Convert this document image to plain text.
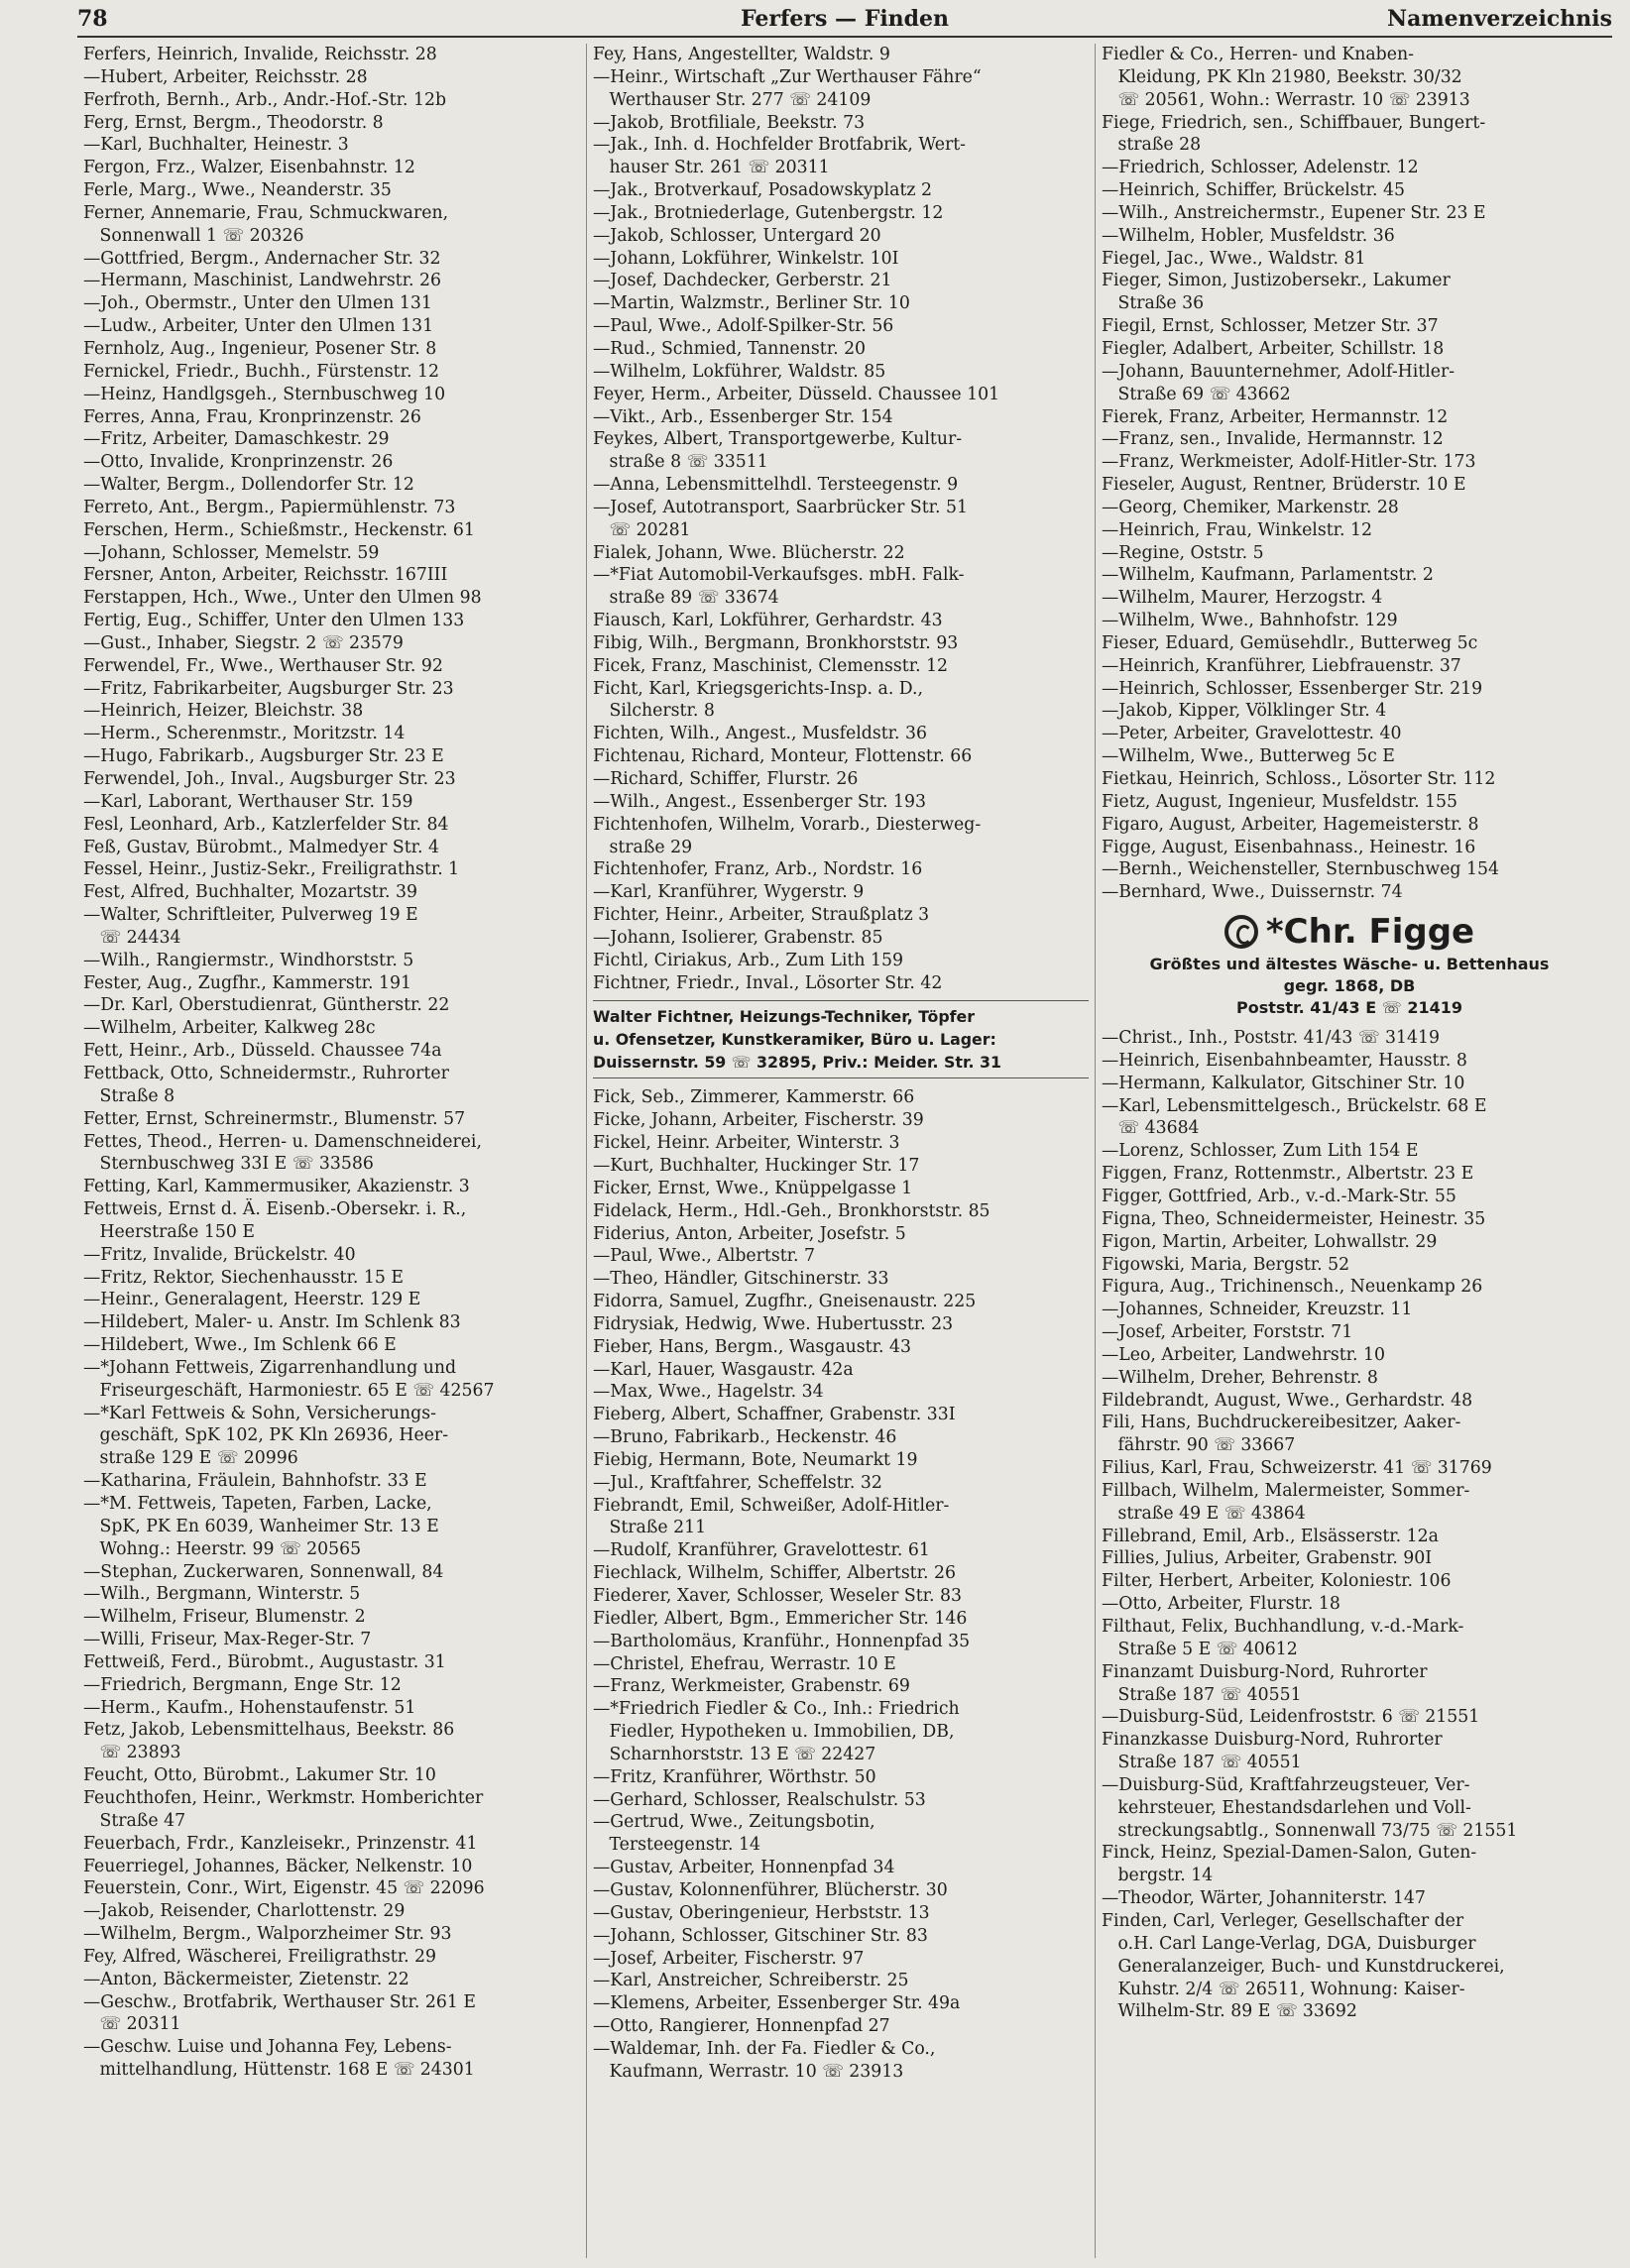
78	Ferfers — Finden	Namenverzeichnis

Ferfers, Heinrich, Invalide, Reichsstr. 28

—Hubert, Arbeiter, Reichsstr. 28

Ferfroth, Bernh., Arb., Andr.-Hof.-Str. 12b

Ferg, Ernst, Bergm., Theodorstr. 8

—Karl, Buchhalter, Heinestr. 3

Fergon, Frz., Walzer, Eisenbahnstr. 12

Ferle, Marg., Wwe., Neanderstr. 35

Ferner, Annemarie, Frau, Schmuckwaren,

Sonnenwall 1 ☏ 20326

—Gottfried, Bergm., Andernacher Str. 32

—Hermann, Maschinist, Landwehrstr. 26

—Joh., Obermstr., Unter den Ulmen 131

—Ludw., Arbeiter, Unter den Ulmen 131

Fernholz, Aug., Ingenieur, Posener Str. 8

Fernickel, Friedr., Buchh., Fürstenstr. 12

—Heinz, Handlgsgeh., Sternbuschweg 10

Ferres, Anna, Frau, Kronprinzenstr. 26

—Fritz, Arbeiter, Damaschkestr. 29

—Otto, Invalide, Kronprinzenstr. 26

—Walter, Bergm., Dollendorfer Str. 12

Ferreto, Ant., Bergm., Papiermühlenstr. 73

Ferschen, Herm., Schießmstr., Heckenstr. 61

—Johann, Schlosser, Memelstr. 59

Fersner, Anton, Arbeiter, Reichsstr. 167III

Ferstappen, Hch., Wwe., Unter den Ulmen 98

Fertig, Eug., Schiffer, Unter den Ulmen 133

—Gust., Inhaber, Siegstr. 2 ☏ 23579

Ferwendel, Fr., Wwe., Werthauser Str. 92

—Fritz, Fabrikarbeiter, Augsburger Str. 23

—Heinrich, Heizer, Bleichstr. 38

—Herm., Scherenmstr., Moritzstr. 14

—Hugo, Fabrikarb., Augsburger Str. 23 E

Ferwendel, Joh., Inval., Augsburger Str. 23

—Karl, Laborant, Werthauser Str. 159

Fesl, Leonhard, Arb., Katzlerfelder Str. 84

Feß, Gustav, Bürobmt., Malmedyer Str. 4

Fessel, Heinr., Justiz-Sekr., Freiligrathstr. 1

Fest, Alfred, Buchhalter, Mozartstr. 39

—Walter, Schriftleiter, Pulverweg 19 E

☏ 24434

—Wilh., Rangiermstr., Windhorststr. 5

Fester, Aug., Zugfhr., Kammerstr. 191

—Dr. Karl, Oberstudienrat, Güntherstr. 22

—Wilhelm, Arbeiter, Kalkweg 28c

Fett, Heinr., Arb., Düsseld. Chaussee 74a

Fettback, Otto, Schneidermstr., Ruhrorter

Straße 8

Fetter, Ernst, Schreinermstr., Blumenstr. 57

Fettes, Theod., Herren- u. Damenschneiderei,

Sternbuschweg 33I E ☏ 33586

Fetting, Karl, Kammermusiker, Akazienstr. 3

Fettweis, Ernst d. Ä. Eisenb.-Obersekr. i. R.,

Heerstraße 150 E

—Fritz, Invalide, Brückelstr. 40

—Fritz, Rektor, Siechenhausstr. 15 E

—Heinr., Generalagent, Heerstr. 129 E

—Hildebert, Maler- u. Anstr. Im Schlenk 83

—Hildebert, Wwe., Im Schlenk 66 E

—*Johann Fettweis, Zigarrenhandlung und

Friseurgeschäft, Harmoniestr. 65 E ☏ 42567

—*Karl Fettweis & Sohn, Versicherungs-

geschäft, SpK 102, PK Kln 26936, Heer-

straße 129 E ☏ 20996

—Katharina, Fräulein, Bahnhofstr. 33 E

—*M. Fettweis, Tapeten, Farben, Lacke,

SpK, PK En 6039, Wanheimer Str. 13 E

Wohng.: Heerstr. 99 ☏ 20565

—Stephan, Zuckerwaren, Sonnenwall, 84

—Wilh., Bergmann, Winterstr. 5

—Wilhelm, Friseur, Blumenstr. 2

—Willi, Friseur, Max-Reger-Str. 7

Fettweiß, Ferd., Bürobmt., Augustastr. 31

—Friedrich, Bergmann, Enge Str. 12

—Herm., Kaufm., Hohenstaufenstr. 51

Fetz, Jakob, Lebensmittelhaus, Beekstr. 86

☏ 23893

Feucht, Otto, Bürobmt., Lakumer Str. 10

Feuchthofen, Heinr., Werkmstr. Homberichter

Straße 47

Feuerbach, Frdr., Kanzleisekr., Prinzenstr. 41

Feuerriegel, Johannes, Bäcker, Nelkenstr. 10

Feuerstein, Conr., Wirt, Eigenstr. 45 ☏ 22096

—Jakob, Reisender, Charlottenstr. 29

—Wilhelm, Bergm., Walporzheimer Str. 93

Fey, Alfred, Wäscherei, Freiligrathstr. 29

—Anton, Bäckermeister, Zietenstr. 22

—Geschw., Brotfabrik, Werthauser Str. 261 E

☏ 20311

—Geschw. Luise und Johanna Fey, Lebens-

mittelhandlung, Hüttenstr. 168 E ☏ 24301

Fey, Hans, Angestellter, Waldstr. 9

—Heinr., Wirtschaft „Zur Werthauser Fähre“

Werthauser Str. 277 ☏ 24109

—Jakob, Brotfiliale, Beekstr. 73

—Jak., Inh. d. Hochfelder Brotfabrik, Wert-

hauser Str. 261 ☏ 20311

—Jak., Brotverkauf, Posadowskyplatz 2

—Jak., Brotniederlage, Gutenbergstr. 12

—Jakob, Schlosser, Untergard 20

—Johann, Lokführer, Winkelstr. 10I

—Josef, Dachdecker, Gerberstr. 21

—Martin, Walzmstr., Berliner Str. 10

—Paul, Wwe., Adolf-Spilker-Str. 56

—Rud., Schmied, Tannenstr. 20

—Wilhelm, Lokführer, Waldstr. 85

Feyer, Herm., Arbeiter, Düsseld. Chaussee 101

—Vikt., Arb., Essenberger Str. 154

Feykes, Albert, Transportgewerbe, Kultur-

straße 8 ☏ 33511

—Anna, Lebensmittelhdl. Tersteegenstr. 9

—Josef, Autotransport, Saarbrücker Str. 51

☏ 20281

Fialek, Johann, Wwe. Blücherstr. 22

—*Fiat Automobil-Verkaufsges. mbH. Falk-

straße 89 ☏ 33674

Fiausch, Karl, Lokführer, Gerhardstr. 43

Fibig, Wilh., Bergmann, Bronkhorststr. 93

Ficek, Franz, Maschinist, Clemensstr. 12

Ficht, Karl, Kriegsgerichts-Insp. a. D.,

Silcherstr. 8

Fichten, Wilh., Angest., Musfeldstr. 36

Fichtenau, Richard, Monteur, Flottenstr. 66

—Richard, Schiffer, Flurstr. 26

—Wilh., Angest., Essenberger Str. 193

Fichtenhofen, Wilhelm, Vorarb., Diesterweg-

straße 29

Fichtenhofer, Franz, Arb., Nordstr. 16

—Karl, Kranführer, Wygerstr. 9

Fichter, Heinr., Arbeiter, Straußplatz 3

—Johann, Isolierer, Grabenstr. 85

Fichtl, Ciriakus, Arb., Zum Lith 159

Fichtner, Friedr., Inval., Lösorter Str. 42

Walter Fichtner, Heizungs-Techniker, Töpfer
u. Ofensetzer, Kunstkeramiker, Büro u. Lager:
Duissernstr. 59 ☏ 32895, Priv.: Meider. Str. 31

Fick, Seb., Zimmerer, Kammerstr. 66

Ficke, Johann, Arbeiter, Fischerstr. 39

Fickel, Heinr. Arbeiter, Winterstr. 3

—Kurt, Buchhalter, Huckinger Str. 17

Ficker, Ernst, Wwe., Knüppelgasse 1

Fidelack, Herm., Hdl.-Geh., Bronkhorststr. 85

Fiderius, Anton, Arbeiter, Josefstr. 5

—Paul, Wwe., Albertstr. 7

—Theo, Händler, Gitschinerstr. 33

Fidorra, Samuel, Zugfhr., Gneisenaustr. 225

Fidrysiak, Hedwig, Wwe. Hubertusstr. 23

Fieber, Hans, Bergm., Wasgaustr. 43

—Karl, Hauer, Wasgaustr. 42a

—Max, Wwe., Hagelstr. 34

Fieberg, Albert, Schaffner, Grabenstr. 33I

—Bruno, Fabrikarb., Heckenstr. 46

Fiebig, Hermann, Bote, Neumarkt 19

—Jul., Kraftfahrer, Scheffelstr. 32

Fiebrandt, Emil, Schweißer, Adolf-Hitler-

Straße 211

—Rudolf, Kranführer, Gravelottestr. 61

Fiechlack, Wilhelm, Schiffer, Albertstr. 26

Fiederer, Xaver, Schlosser, Weseler Str. 83

Fiedler, Albert, Bgm., Emmericher Str. 146

—Bartholomäus, Kranführ., Honnenpfad 35

—Christel, Ehefrau, Werrastr. 10 E

—Franz, Werkmeister, Grabenstr. 69

—*Friedrich Fiedler & Co., Inh.: Friedrich

Fiedler, Hypotheken u. Immobilien, DB,

Scharnhorststr. 13 E ☏ 22427

—Fritz, Kranführer, Wörthstr. 50

—Gerhard, Schlosser, Realschulstr. 53

—Gertrud, Wwe., Zeitungsbotin,

Tersteegenstr. 14

—Gustav, Arbeiter, Honnenpfad 34

—Gustav, Kolonnenführer, Blücherstr. 30

—Gustav, Oberingenieur, Herbststr. 13

—Johann, Schlosser, Gitschiner Str. 83

—Josef, Arbeiter, Fischerstr. 97

—Karl, Anstreicher, Schreiberstr. 25

—Klemens, Arbeiter, Essenberger Str. 49a

—Otto, Rangierer, Honnenpfad 27

—Waldemar, Inh. der Fa. Fiedler & Co.,

Kaufmann, Werrastr. 10 ☏ 23913

Fiedler & Co., Herren- und Knaben-

Kleidung, PK Kln 21980, Beekstr. 30/32

☏ 20561, Wohn.: Werrastr. 10 ☏ 23913

Fiege, Friedrich, sen., Schiffbauer, Bungert-

straße 28

—Friedrich, Schlosser, Adelenstr. 12

—Heinrich, Schiffer, Brückelstr. 45

—Wilh., Anstreichermstr., Eupener Str. 23 E

—Wilhelm, Hobler, Musfeldstr. 36

Fiegel, Jac., Wwe., Waldstr. 81

Fieger, Simon, Justizobersekr., Lakumer

Straße 36

Fiegil, Ernst, Schlosser, Metzer Str. 37

Fiegler, Adalbert, Arbeiter, Schillstr. 18

—Johann, Bauunternehmer, Adolf-Hitler-

Straße 69 ☏ 43662

Fierek, Franz, Arbeiter, Hermannstr. 12

—Franz, sen., Invalide, Hermannstr. 12

—Franz, Werkmeister, Adolf-Hitler-Str. 173

Fieseler, August, Rentner, Brüderstr. 10 E

—Georg, Chemiker, Markenstr. 28

—Heinrich, Frau, Winkelstr. 12

—Regine, Oststr. 5

—Wilhelm, Kaufmann, Parlamentstr. 2

—Wilhelm, Maurer, Herzogstr. 4

—Wilhelm, Wwe., Bahnhofstr. 129

Fieser, Eduard, Gemüsehdlr., Butterweg 5c

—Heinrich, Kranführer, Liebfrauenstr. 37

—Heinrich, Schlosser, Essenberger Str. 219

—Jakob, Kipper, Völklinger Str. 4

—Peter, Arbeiter, Gravelottestr. 40

—Wilhelm, Wwe., Butterweg 5c E

Fietkau, Heinrich, Schloss., Lösorter Str. 112

Fietz, August, Ingenieur, Musfeldstr. 155

Figaro, August, Arbeiter, Hagemeisterstr. 8

Figge, August, Eisenbahnass., Heinestr. 16

—Bernh., Weichensteller, Sternbuschweg 154

—Bernhard, Wwe., Duissernstr. 74

*Chr. Figge
Größtes und ältestes Wäsche- u. Bettenhaus
gegr. 1868, DB
Poststr. 41/43 E ☏ 21419

—Christ., Inh., Poststr. 41/43 ☏ 31419

—Heinrich, Eisenbahnbeamter, Hausstr. 8

—Hermann, Kalkulator, Gitschiner Str. 10

—Karl, Lebensmittelgesch., Brückelstr. 68 E

☏ 43684

—Lorenz, Schlosser, Zum Lith 154 E

Figgen, Franz, Rottenmstr., Albertstr. 23 E

Figger, Gottfried, Arb., v.-d.-Mark-Str. 55

Figna, Theo, Schneidermeister, Heinestr. 35

Figon, Martin, Arbeiter, Lohwallstr. 29

Figowski, Maria, Bergstr. 52

Figura, Aug., Trichinensch., Neuenkamp 26

—Johannes, Schneider, Kreuzstr. 11

—Josef, Arbeiter, Forststr. 71

—Leo, Arbeiter, Landwehrstr. 10

—Wilhelm, Dreher, Behrenstr. 8

Fildebrandt, August, Wwe., Gerhardstr. 48

Fili, Hans, Buchdruckereibesitzer, Aaker-

fährstr. 90 ☏ 33667

Filius, Karl, Frau, Schweizerstr. 41 ☏ 31769

Fillbach, Wilhelm, Malermeister, Sommer-

straße 49 E ☏ 43864

Fillebrand, Emil, Arb., Elsässerstr. 12a

Fillies, Julius, Arbeiter, Grabenstr. 90I

Filter, Herbert, Arbeiter, Koloniestr. 106

—Otto, Arbeiter, Flurstr. 18

Filthaut, Felix, Buchhandlung, v.-d.-Mark-

Straße 5 E ☏ 40612

Finanzamt Duisburg-Nord, Ruhrorter

Straße 187 ☏ 40551

—Duisburg-Süd, Leidenfroststr. 6 ☏ 21551

Finanzkasse Duisburg-Nord, Ruhrorter

Straße 187 ☏ 40551

—Duisburg-Süd, Kraftfahrzeugsteuer, Ver-

kehrsteuer, Ehestandsdarlehen und Voll-

streckungsabtlg., Sonnenwall 73/75 ☏ 21551

Finck, Heinz, Spezial-Damen-Salon, Guten-

bergstr. 14

—Theodor, Wärter, Johanniterstr. 147

Finden, Carl, Verleger, Gesellschafter der

o.H. Carl Lange-Verlag, DGA, Duisburger

Generalanzeiger, Buch- und Kunstdruckerei,

Kuhstr. 2/4 ☏ 26511, Wohnung: Kaiser-

Wilhelm-Str. 89 E ☏ 33692
